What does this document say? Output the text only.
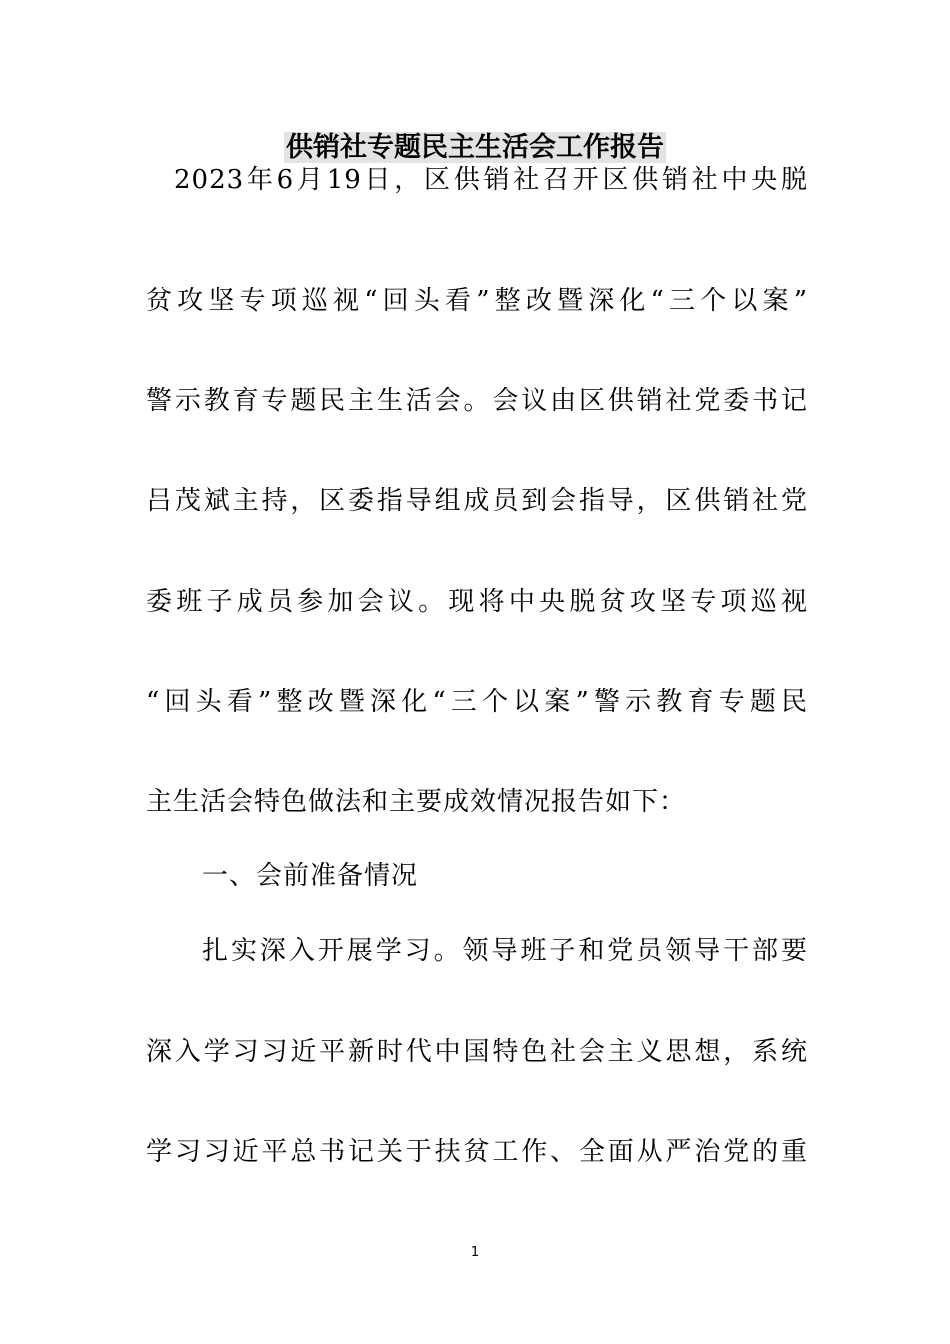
供销社专题民主生活会工作报告

2023年6月19日，区供销社召开区供销社中央脱

贫攻坚专项巡视“回头看”整改暨深化“三个以案”

警示教育专题民主生活会。会议由区供销社党委书记

吕茂斌主持，区委指导组成员到会指导，区供销社党

委班子成员参加会议。现将中央脱贫攻坚专项巡视

“回头看”整改暨深化“三个以案”警示教育专题民

主生活会特色做法和主要成效情况报告如下：

一、会前准备情况

扎实深入开展学习。领导班子和党员领导干部要

深入学习习近平新时代中国特色社会主义思想，系统

学习习近平总书记关于扶贫工作、全面从严治党的重

1
